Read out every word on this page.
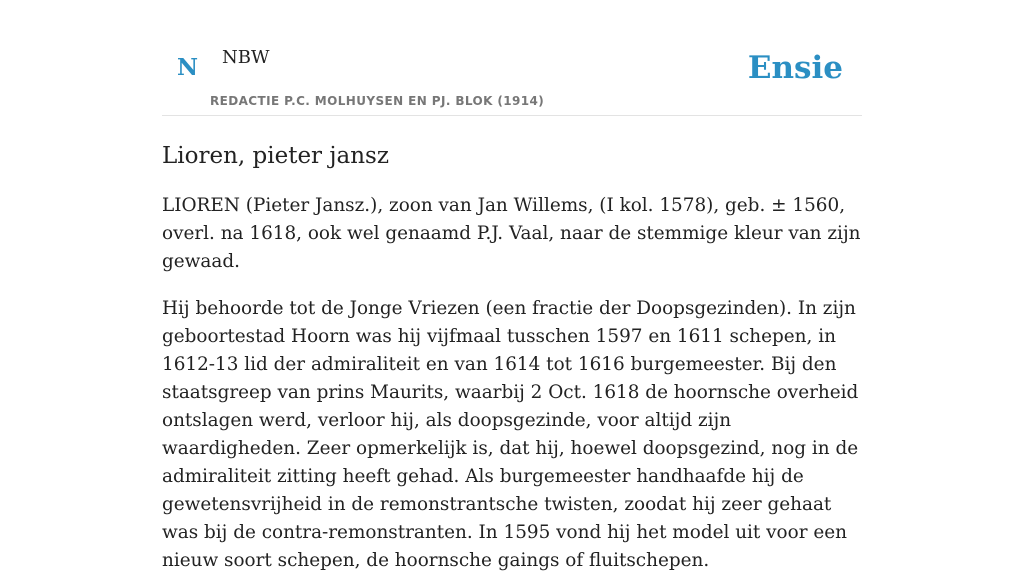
N NBW
REDACTIE P.C. MOLHUYSEN EN PJ. BLOK (1914)
Ensie
Lioren, pieter jansz

LIOREN (Pieter Jansz.), zoon van Jan Willems, (I kol. 1578), geb. ± 1560, overl. na 1618, ook wel genaamd P.J. Vaal, naar de stemmige kleur van zijn gewaad.

Hij behoorde tot de Jonge Vriezen (een fractie der Doopsgezinden). In zijn geboortestad Hoorn was hij vijfmaal tusschen 1597 en 1611 schepen, in 1612-13 lid der admiraliteit en van 1614 tot 1616 burgemeester. Bij den staatsgreep van prins Maurits, waarbij 2 Oct. 1618 de hoornsche overheid ontslagen werd, verloor hij, als doopsgezinde, voor altijd zijn waardigheden. Zeer opmerkelijk is, dat hij, hoewel doopsgezind, nog in de admiraliteit zitting heeft gehad. Als burgemeester handhaafde hij de gewetensvrijheid in de remonstrantsche twisten, zoodat hij zeer gehaat was bij de contra-remonstranten. In 1595 vond hij het model uit voor een nieuw soort schepen, de hoornsche gaings of fluitschepen.
